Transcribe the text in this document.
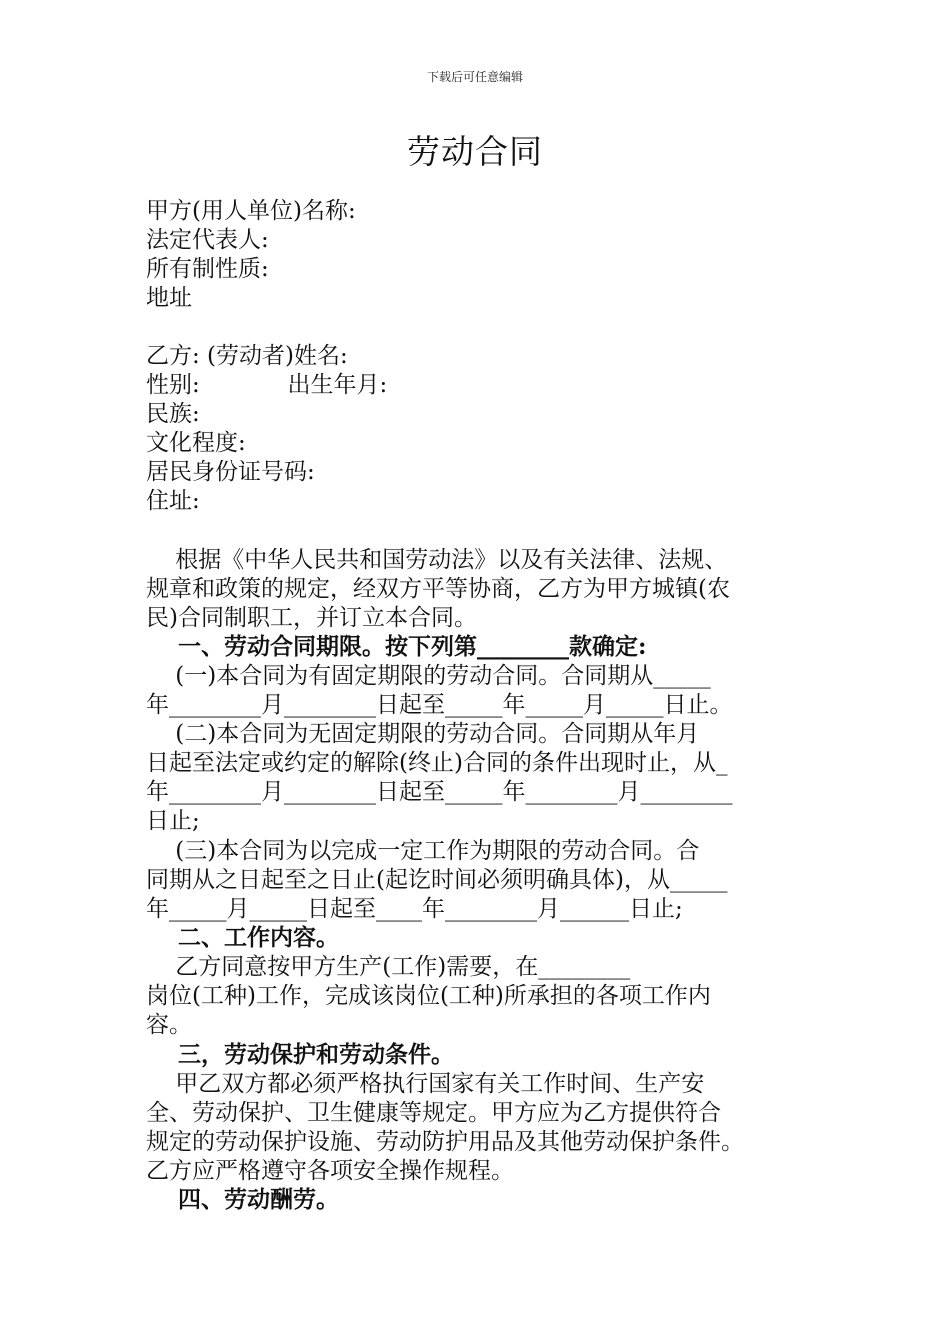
下载后可任意编辑
劳动合同
甲方(用人单位)名称:
法定代表人:
所有制性质:
地址
乙方: (劳动者)姓名:
性别:            出生年月:
民族:
文化程度:
居民身份证号码:
住址:
根据《中华人民共和国劳动法》以及有关法律、法规、
规章和政策的规定，经双方平等协商，乙方为甲方城镇(农
民)合同制职工，并订立本合同。
一、劳动合同期限。按下列第________款确定:
(一)本合同为有固定期限的劳动合同。合同期从_____
年________月________日起至_____年_____月_____日止。
(二)本合同为无固定期限的劳动合同。合同期从年月
日起至法定或约定的解除(终止)合同的条件出现时止，从_
年________月________日起至_____年________月________
日止;
(三)本合同为以完成一定工作为期限的劳动合同。合
同期从之日起至之日止(起讫时间必须明确具体)，从_____
年_____月_____日起至____年________月______日止;
二、工作内容。
乙方同意按甲方生产(工作)需要，在________
岗位(工种)工作，完成该岗位(工种)所承担的各项工作内
容。
三，劳动保护和劳动条件。
甲乙双方都必须严格执行国家有关工作时间、生产安
全、劳动保护、卫生健康等规定。甲方应为乙方提供符合
规定的劳动保护设施、劳动防护用品及其他劳动保护条件。
乙方应严格遵守各项安全操作规程。
四、劳动酬劳。
